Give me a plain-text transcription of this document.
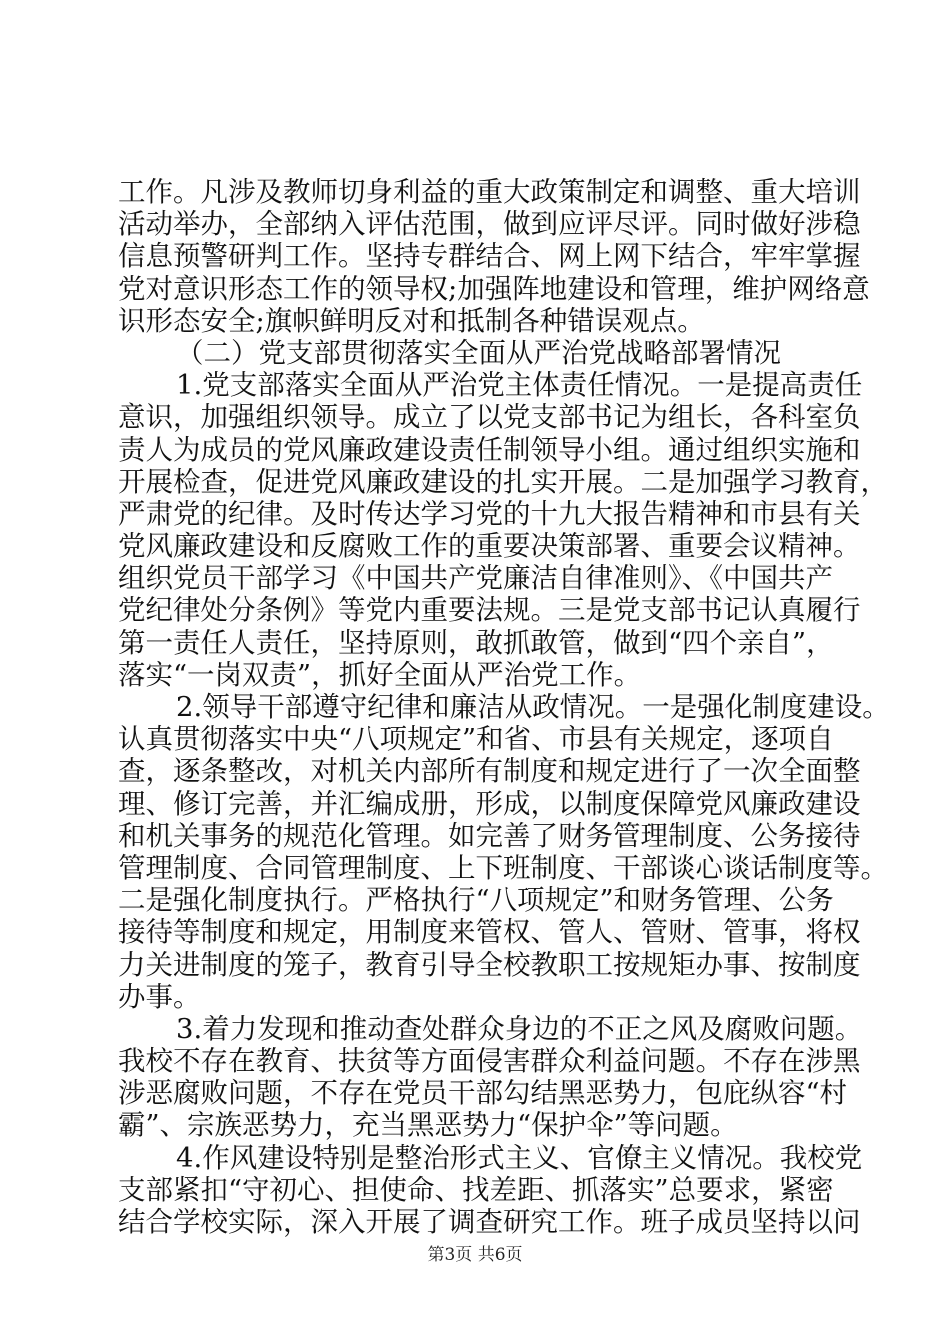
工作。凡涉及教师切身利益的重大政策制定和调整、重大培训
活动举办，全部纳入评估范围，做到应评尽评。同时做好涉稳
信息预警研判工作。坚持专群结合、网上网下结合，牢牢掌握
党对意识形态工作的领导权;加强阵地建设和管理，维护网络意
识形态安全;旗帜鲜明反对和抵制各种错误观点。
（二）党支部贯彻落实全面从严治党战略部署情况
1.党支部落实全面从严治党主体责任情况。一是提高责任
意识，加强组织领导。成立了以党支部书记为组长，各科室负
责人为成员的党风廉政建设责任制领导小组。通过组织实施和
开展检查，促进党风廉政建设的扎实开展。二是加强学习教育，
严肃党的纪律。及时传达学习党的十九大报告精神和市县有关
党风廉政建设和反腐败工作的重要决策部署、重要会议精神。
组织党员干部学习《中国共产党廉洁自律准则》、《中国共产
党纪律处分条例》等党内重要法规。三是党支部书记认真履行
第一责任人责任，坚持原则，敢抓敢管，做到“四个亲自”，
落实“一岗双责”，抓好全面从严治党工作。
2.领导干部遵守纪律和廉洁从政情况。一是强化制度建设。
认真贯彻落实中央“八项规定”和省、市县有关规定，逐项自
查，逐条整改，对机关内部所有制度和规定进行了一次全面整
理、修订完善，并汇编成册，形成，以制度保障党风廉政建设
和机关事务的规范化管理。如完善了财务管理制度、公务接待
管理制度、合同管理制度、上下班制度、干部谈心谈话制度等。
二是强化制度执行。严格执行“八项规定”和财务管理、公务
接待等制度和规定，用制度来管权、管人、管财、管事，将权
力关进制度的笼子，教育引导全校教职工按规矩办事、按制度
办事。
3.着力发现和推动查处群众身边的不正之风及腐败问题。
我校不存在教育、扶贫等方面侵害群众利益问题。不存在涉黑
涉恶腐败问题，不存在党员干部勾结黑恶势力，包庇纵容“村
霸”、宗族恶势力，充当黑恶势力“保护伞”等问题。
4.作风建设特别是整治形式主义、官僚主义情况。我校党
支部紧扣“守初心、担使命、找差距、抓落实”总要求，紧密
结合学校实际，深入开展了调查研究工作。班子成员坚持以问
第3页 共6页
